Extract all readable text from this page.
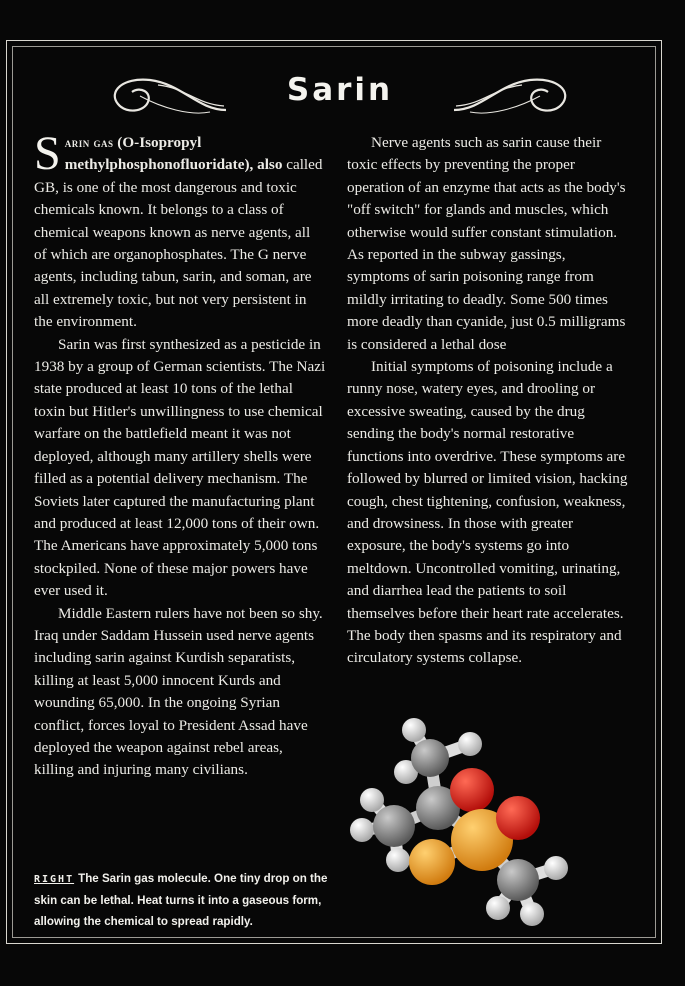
Sarin

Sarin gas (O-Isopropyl methylphosphonofluoridate), also called GB, is one of the most dangerous and toxic chemicals known. It belongs to a class of chemical weapons known as nerve agents, all of which are organophosphates. The G nerve agents, including tabun, sarin, and soman, are all extremely toxic, but not very persistent in the environment.

Sarin was first synthesized as a pesticide in 1938 by a group of German scientists. The Nazi state produced at least 10 tons of the lethal toxin but Hitler's unwillingness to use chemical warfare on the battlefield meant it was not deployed, although many artillery shells were filled as a potential delivery mechanism. The Soviets later captured the manufacturing plant and produced at least 12,000 tons of their own. The Americans have approximately 5,000 tons stockpiled. None of these major powers have ever used it.

Middle Eastern rulers have not been so shy. Iraq under Saddam Hussein used nerve agents including sarin against Kurdish separatists, killing at least 5,000 innocent Kurds and wounding 65,000. In the ongoing Syrian conflict, forces loyal to President Assad have deployed the weapon against rebel areas, killing and injuring many civilians.

Nerve agents such as sarin cause their toxic effects by preventing the proper operation of an enzyme that acts as the body's "off switch" for glands and muscles, which otherwise would suffer constant stimulation. As reported in the subway gassings, symptoms of sarin poisoning range from mildly irritating to deadly. Some 500 times more deadly than cyanide, just 0.5 milligrams is considered a lethal dose

Initial symptoms of poisoning include a runny nose, watery eyes, and drooling or excessive sweating, caused by the drug sending the body's normal restorative functions into overdrive. These symptoms are followed by blurred or limited vision, hacking cough, chest tightening, confusion, weakness, and drowsiness. In those with greater exposure, the body's systems go into meltdown. Uncontrolled vomiting, urinating, and diarrhea lead the patients to soil themselves before their heart rate accelerates. The body then spasms and its respiratory and circulatory systems collapse.

RIGHT The Sarin gas molecule. One tiny drop on the skin can be lethal. Heat turns it into a gaseous form, allowing the chemical to spread rapidly.
